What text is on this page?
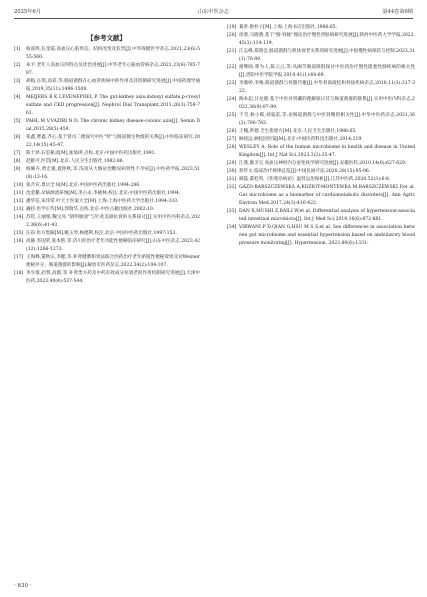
2025年6月	山东中医杂志	第44卷第6期
【参考文献】
[1]	杨富鸣,任金霞.高血压心脏形态、结构改变及危害[J].中华保健医学杂志,2021,23(6):555-560.
[2]	朱平.老年人高血压的特点及诊治进展[J].中华老年心脑血管病杂志,2021,23(8):785-787.
[3]	胡嫣,汪琪,高彩,等.肠道菌群在心血管疾病中的作用及其机制研究进展[J].中国药理学通报,2019,35(11):1496-1500.
[4]	MEIJERS B K I,EVENEPOEL P. The gut-kidney axis:indoxyl sulfate,p-cresyl sulfate and CKD progression[J]. Nephrol Dial Transplant,2011,26(3):759-761.
[5]	PAHL M V,VAZIRI N D. The chronic kidney disease-colonic axis[J]. Semin Dial,2015,28(5):459.
[6]	张鑫,曹鑫,齐心.基于肾司二便探究中医"肾"与肠道微生物群的关系[J].中医临床研究,2022,14(15):45-47.
[7]	陈士铎.石室秘录[M].张灿玾,点校.北京:中国中医药出版社,1991.
[8]	赵献可.医贯[M].北京:人民卫生出版社,1982:86.
[9]	杨佩卉,黄宏强,夏艳秋,等.浅谈从大肠论治糖尿病肾性不孕症[J].中医药学报,2023,51(8):13-16.
[10] 张介宾.景岳全书[M].北京:中国中医药出版社,1994:286.
[11] 沈金鳌.杂病源流犀烛[M].李占永,李晓林,校注.北京:中国中医药出版社,1994.
[12] 潘华信,朱伟常.叶天士医案大全[M].上海:上海中医药大学出版社,1994:333.
[13] 蘧持.医学正传[M].郭瑞华,点校.北京:中医古籍出版社,2002:10.
[14] 苏钦,王丽娟,鞠宝亮."阴明脉衰"与针灸美颜抗衰的关系探讨[J].实用中医内科杂志,2022,36(6):41-43.
[15] 汪昂.医方集解[M].鲍玉琴,杨德利,校注.北京:中国中医药出版社,1997:153.
[16] 高静,李国荣,张本艳,等.济川煎治疗老年功能性便秘临床研究[J].山东中医杂志,2023,42(12):1266-1273.
[17] 王海峰,董秋实,李健,等.补肾健脾和胃法联合西药治疗老年瘀阻性便秘效果及对Wexner便秘评分、肠道菌群的影响[J].解放军医药杂志,2022,34(2):104-107.
[18] 李少康,赵赞,高郡,等.补肾类方药及中药有效成分抗衰老的作用机制研究进展[J].天津中医药,2023,40(4):537-544.
[19] 葛洪.抱朴子[M].上海:上海书店出版社,1986:65.
[20] 徐蕾,马晓燕.基于"肠-肾轴"理论治疗慢性肾脏病研究进展[J].陕西中医药大学学报,2022,45(3):114-119.
[21] 江志峰,郑瑞会.肠道菌群与机体衰老关系的研究进展[J].中国慢性病预防与控制,2023,31(1):76-80.
[22] 褚继旸,尊为人,陈云云,等.从阈节肠道菌群探讨中医药治疗慢性阻塞性肺疾病的相关性[J].贵阳中医学院学报,2019,41(1):64-69.
[23] 李薇婷,李梅.肠道菌群与骨骼代谢[J].中华骨质疏松和骨盐疾病杂志,2018,11(3):317-322.
[24] 陶本起,汪龙德.基于中医对肾藏的理解探讨其与肠道菌群的联系[J].实用中医内科杂志,2022,36(9):97-99.
[25] 于雪,秋小晖,刘曼雷,等.论肠道菌群与中医肾精的相关性[J].中华中医药杂志,2021,36(2):780-783.
[26] 王槐,洪德.全生指迷方[M].北京:人民卫生出版社,1986:65.
[27] 顾靖远.顾松园医镜[M].北京:中国医药科技出版社,2014:219.
[28] WESLEY A. Role of the human microbiome in health and disease in United Kingdom[J]. Int J Nat Sci,2023,3(2):35-47.
[29] 江燕,廖圣宝.高血压神经内分泌免疫学研究进展[J].安徽医药,2010,14(6):627-629.
[30] 蒋传文.临床治疗规律总览[J].中国民间疗法,2020,28(15):95-96.
[31] 颜磊,董桂英.《伤寒杂病论》温肾运治保析[J].江苏中医药,2020,52(3):6-8.
[32] GÁZD-BARSZCZEWSKA A,KOZIOT-MONTEWKA M,BARSZCZEWSKI P,et al.Gut microbiome as a biomarker of cardiometabolic disorders[J]. Ann Agric Environ Med,2017,24(3):416-422.
[33] DAN X,MUSHI Z,BAILI W,et al. Differential analysis of hypertension-associated intestinal microbiota[J]. Int J Med Sci,2019,16(6):872-881.
[34] VIRWANI P D,QIAN G,HSU M S S,et al. Sex differences in association between gut microbiome and essential hypertension based on ambulatory blood pressure monitoring[J]. Hypertension. 2023,80(6):1331-
· 630 ·
